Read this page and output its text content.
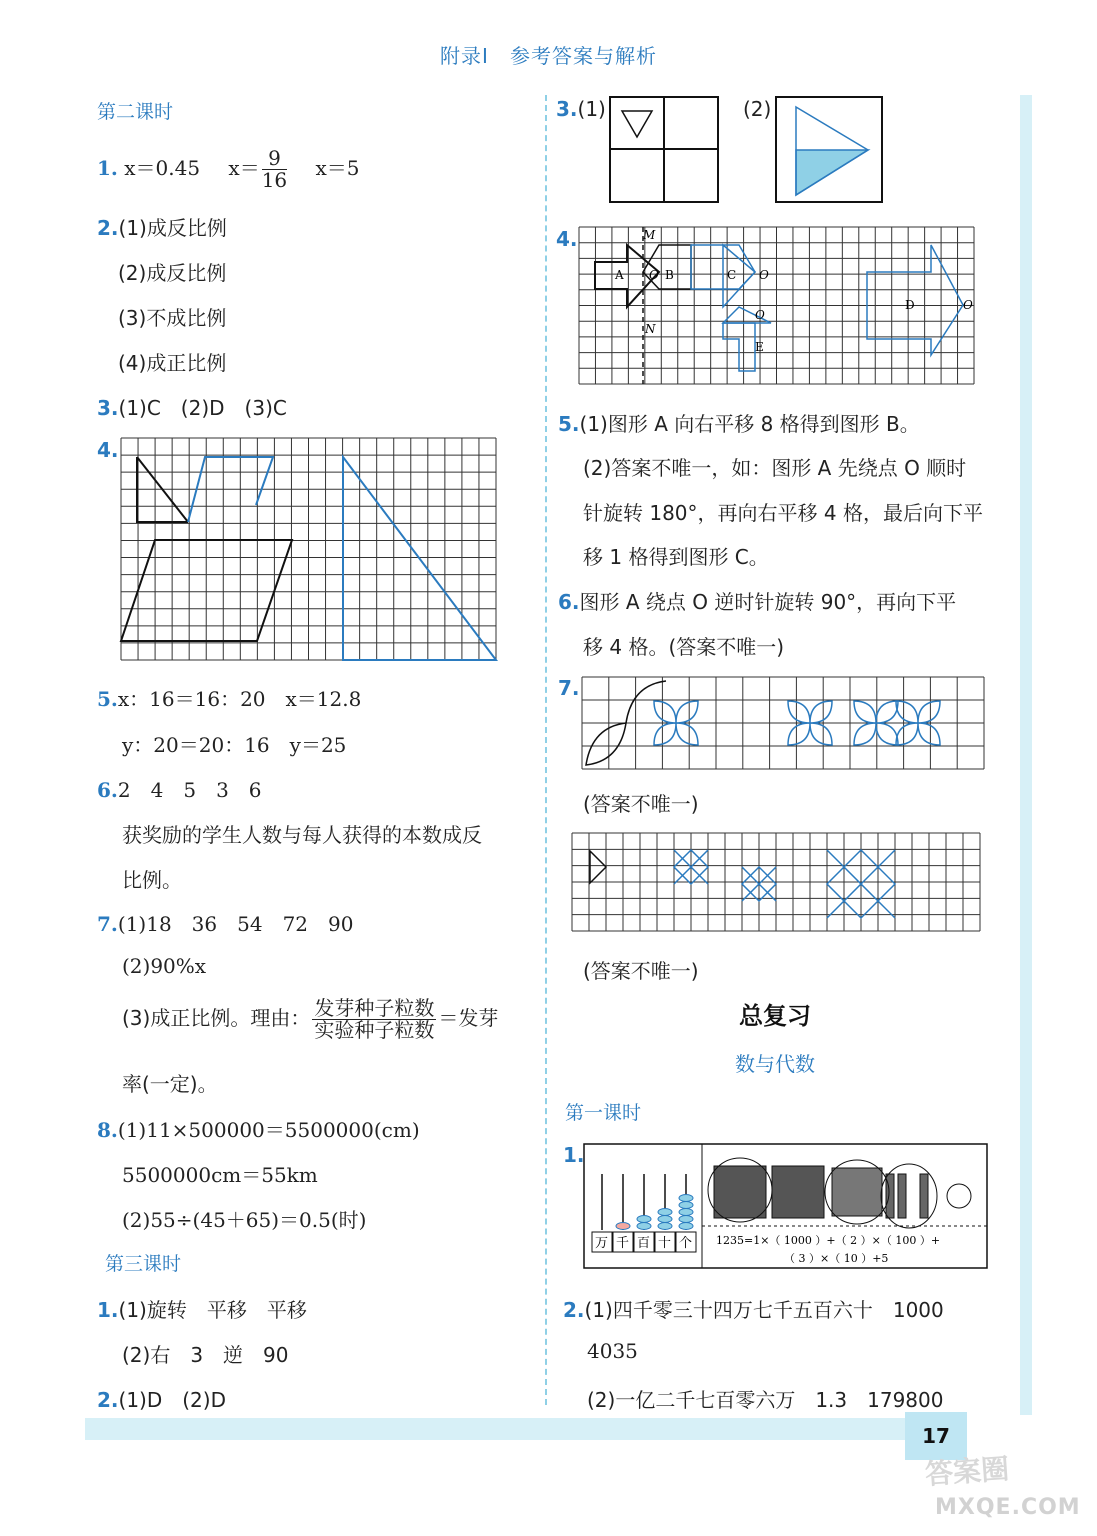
附录Ⅰ　参考答案与解析
第二课时
1. x＝0.45 $x= \frac{9}{16} x=5$
2.(1)成反比例
(2)成反比例
(3)不成比例
(4)成正比例
3.(1)C　(2)D　(3)C
4.
5.x：16＝16：20　x＝12.8
y：20＝20：16　y＝25
6.2　4　5　3　6
获奖励的学生人数与每人获得的本数成反
比例。
7.(1)18　36　54　72　90
(2)90%x
(3)成正比例。理由： $\frac{\text{发芽种子粒数}}{\text{实验种子粒数}}$ ＝发芽
率(一定)。
8.(1)11×500000＝5500000(cm)
5500000cm＝55km
(2)55÷(45＋65)＝0.5(时)
第三课时
1.(1)旋转　平移　平移
(2)右　3　逆　90
2.(1)D　(2)D
3.(1)	(2)
4.	M
N
A O B	C O
O
E
D	O
5.(1)图形 A 向右平移 8 格得到图形 B。
(2)答案不唯一，如：图形 A 先绕点 O 顺时
针旋转 180°，再向右平移 4 格，最后向下平
移 1 格得到图形 C。
6.图形 A 绕点 O 逆时针旋转 90°，再向下平
移 4 格。(答案不唯一)
7.
(答案不唯一)
(答案不唯一)
总复习
数与代数
第一课时
1.
万 千 百 十 个 1235=1×（ 1000 ）+（ 2 ）×（ 100 ）+
（ 3 ）×（ 10 ）+5
2.(1)四千零三十四万七千五百六十　1000
4035
(2)一亿二千七百零六万　1.3　179800
17
答案圈
MXQE.COM
